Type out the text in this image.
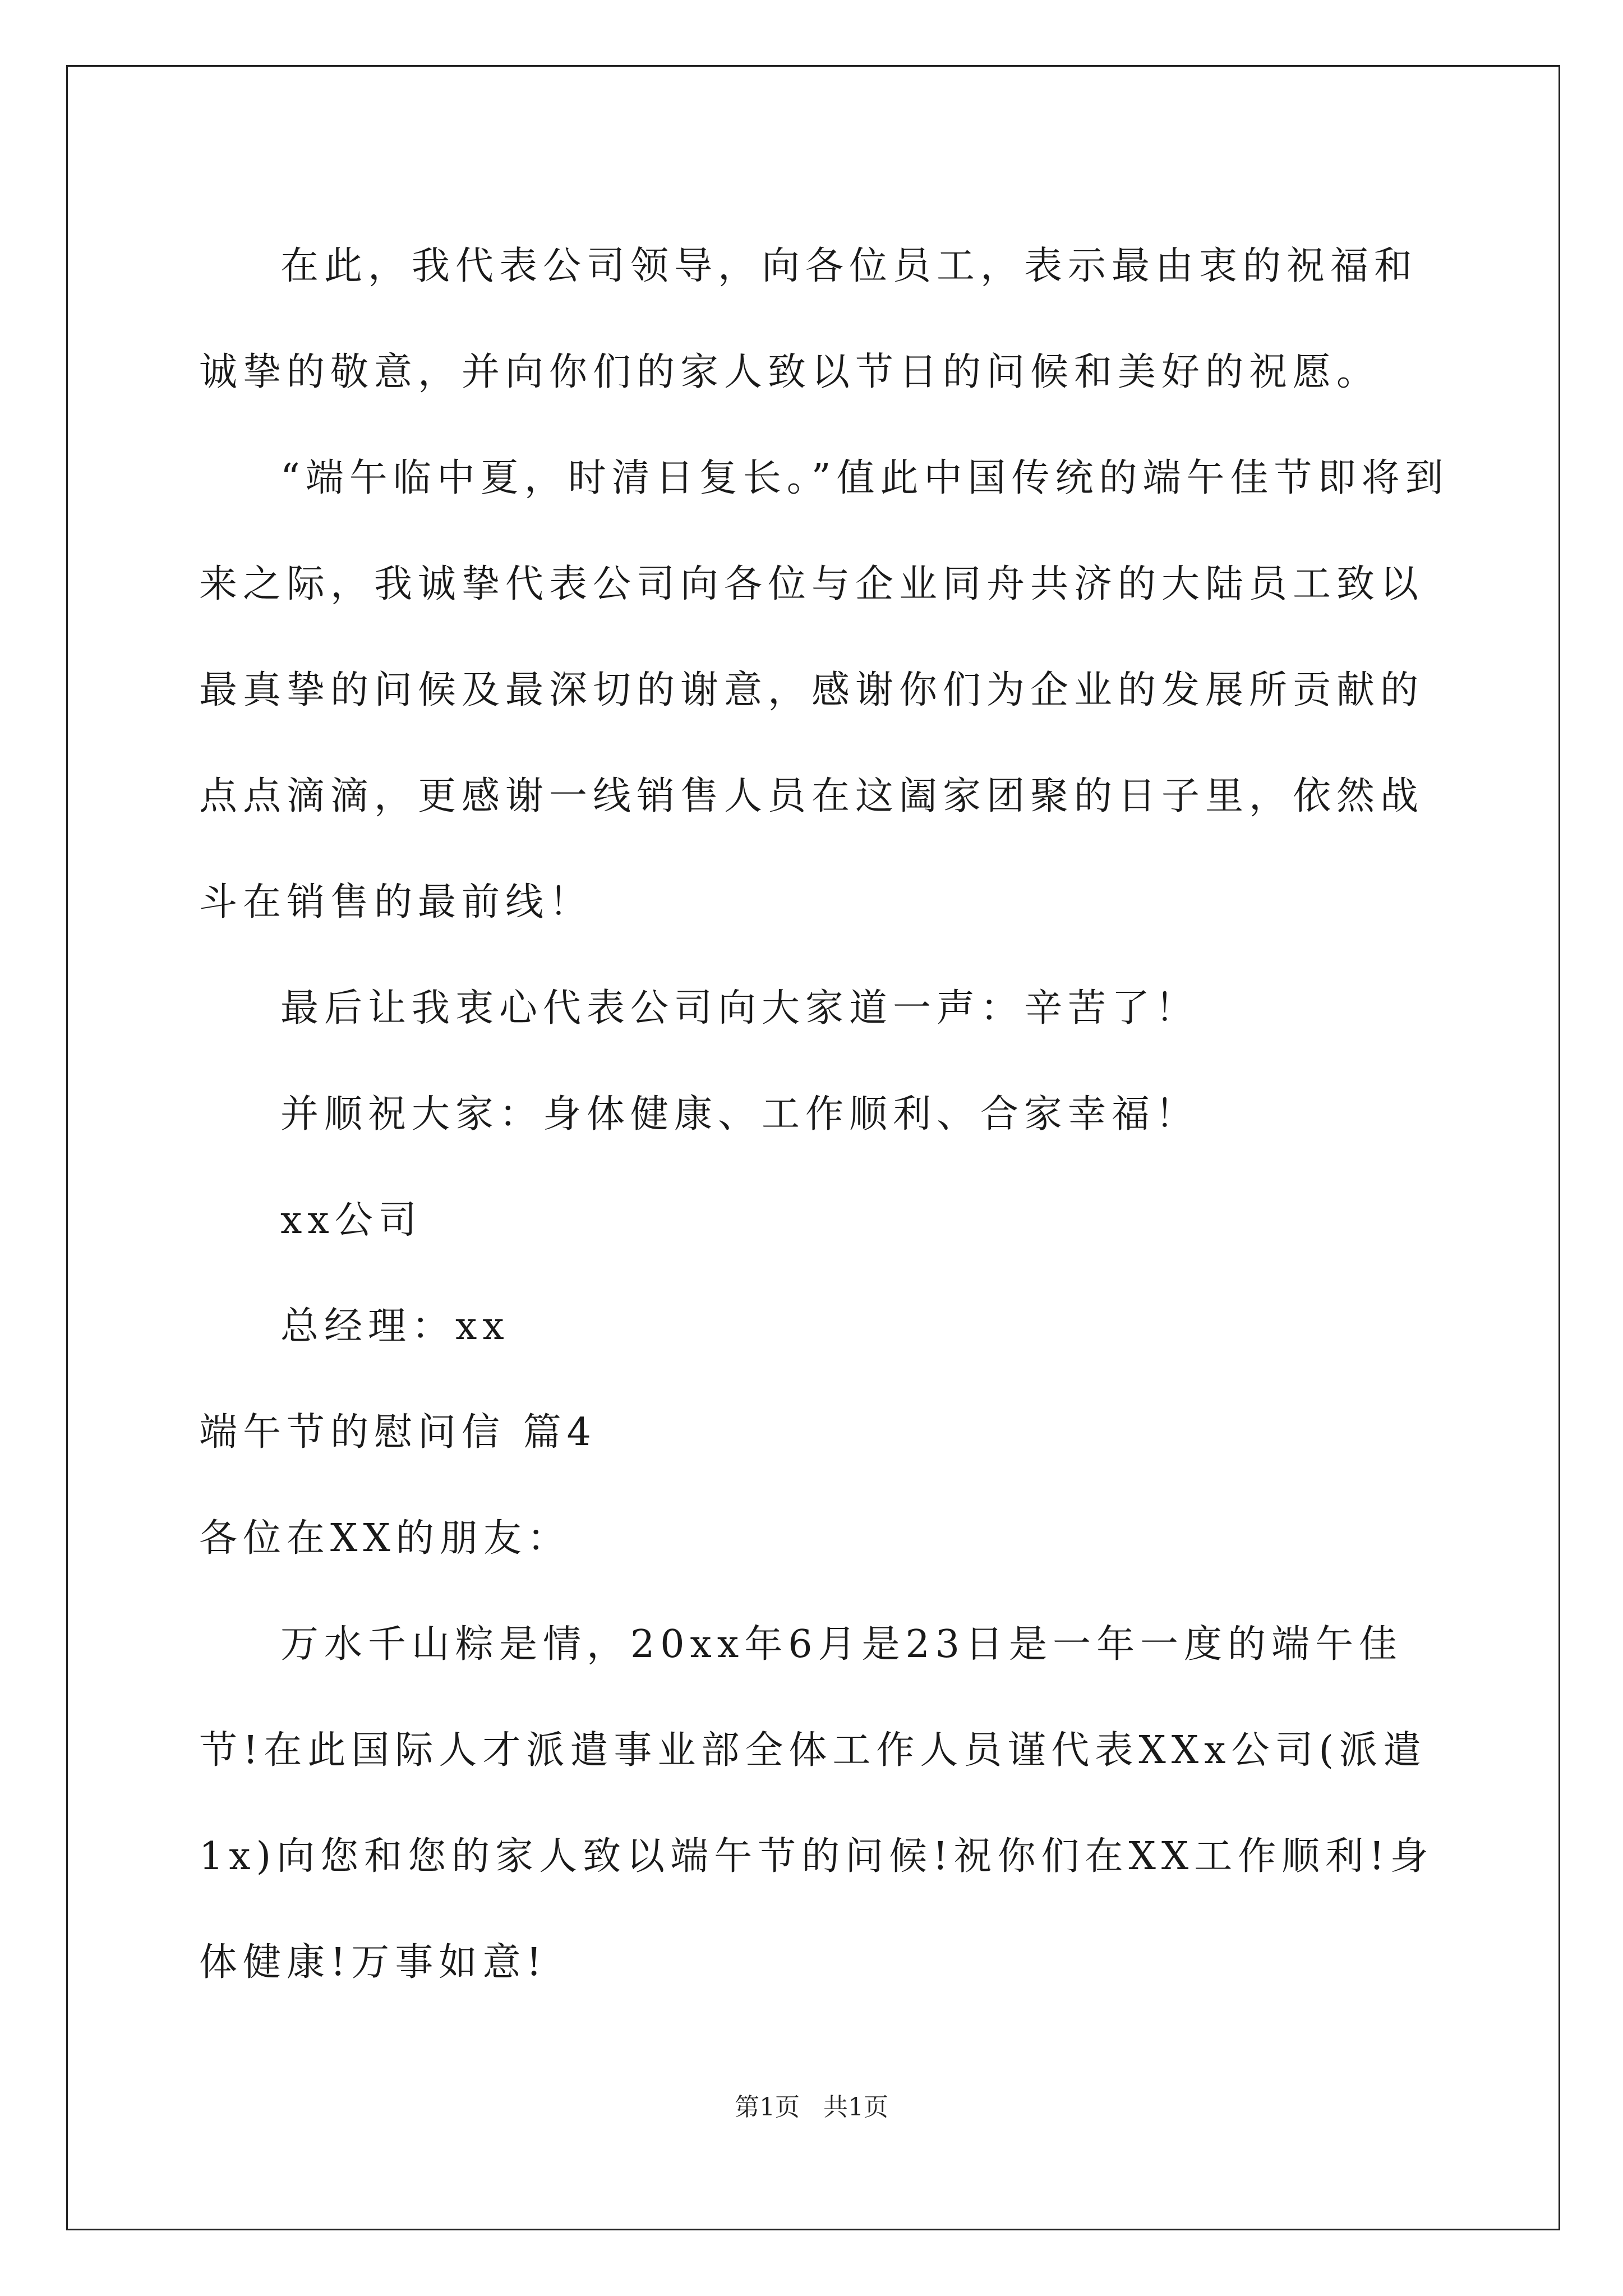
在此，我代表公司领导，向各位员工，表示最由衷的祝福和诚挚的敬意，并向你们的家人致以节日的问候和美好的祝愿。

“端午临中夏，时清日复长。”值此中国传统的端午佳节即将到来之际，我诚挚代表公司向各位与企业同舟共济的大陆员工致以最真挚的问候及最深切的谢意，感谢你们为企业的发展所贡献的点点滴滴，更感谢一线销售人员在这阖家团聚的日子里，依然战斗在销售的最前线！

最后让我衷心代表公司向大家道一声：辛苦了！

并顺祝大家：身体健康、工作顺利、合家幸福！

xx公司

总经理：xx

端午节的慰问信 篇4

各位在XX的朋友：

万水千山粽是情，20xx年6月是23日是一年一度的端午佳节!在此国际人才派遣事业部全体工作人员谨代表XXx公司(派遣1x)向您和您的家人致以端午节的问候!祝你们在XX工作顺利!身体健康!万事如意!

第1页 共1页
